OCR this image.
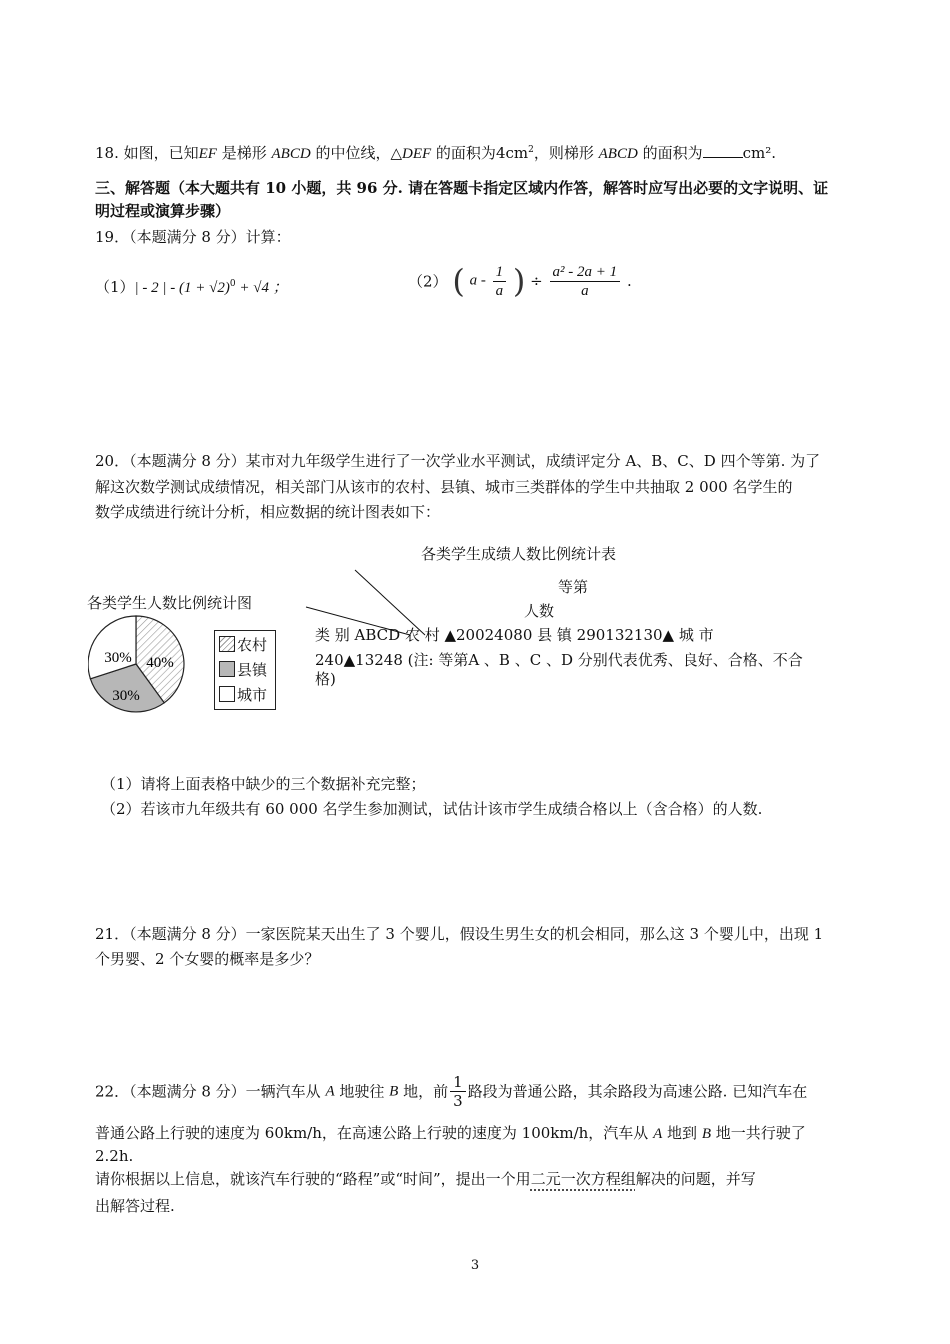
18. 如图，已知EF 是梯形 ABCD 的中位线，△DEF 的面积为$4cm^2$，则梯形 ABCD 的面积为	cm².
三、解答题（本大题共有 10 小题，共 96 分. 请在答题卡指定区域内作答，解答时应写出必要的文字说明、证
明过程或演算步骤）
19．（本题满分 8 分）计算：
（1）| - 2 | - $(1 + √2)^0 + √4$ ；	（2） ( a - $\frac{1}{a}$ ) ÷ $\frac{\text{a² - 2a + 1}}{a}$ .
20．（本题满分 8 分）某市对九年级学生进行了一次学业水平测试，成绩评定分 A、B、C、D 四个等第. 为了
解这次数学测试成绩情况，相关部门从该市的农村、县镇、城市三类群体的学生中共抽取 2 000 名学生的
数学成绩进行统计分析，相应数据的统计图表如下：
各类学生成绩人数比例统计表
等第
人数
类 别 ABCD 农 村 ▲20024080 县 镇 290132130▲ 城 市
240▲13248 (注: 等第A 、B 、C 、D 分别代表优秀、良好、合格、不合
格)
各类学生人数比例统计图
40%
30%
30%
农村
县镇
城市
（1）请将上面表格中缺少的三个数据补充完整；
（2）若该市九年级共有 60 000 名学生参加测试，试估计该市学生成绩合格以上（含合格）的人数.
21．（本题满分 8 分）一家医院某天出生了 3 个婴儿，假设生男生女的机会相同，那么这 3 个婴儿中，出现 1
个男婴、2 个女婴的概率是多少？
22．（本题满分 8 分）一辆汽车从 A 地驶往 B 地，前 $\frac{1}{3}$ 路段为普通公路，其余路段为高速公路. 已知汽车在
普通公路上行驶的速度为 60km/h，在高速公路上行驶的速度为 100km/h，汽车从 A 地到 B 地一共行驶了
2.2h.
请你根据以上信息，就该汽车行驶的“路程”或“时间”，提出一个用二元一次方程组解决的问题，并写
出解答过程.
3
